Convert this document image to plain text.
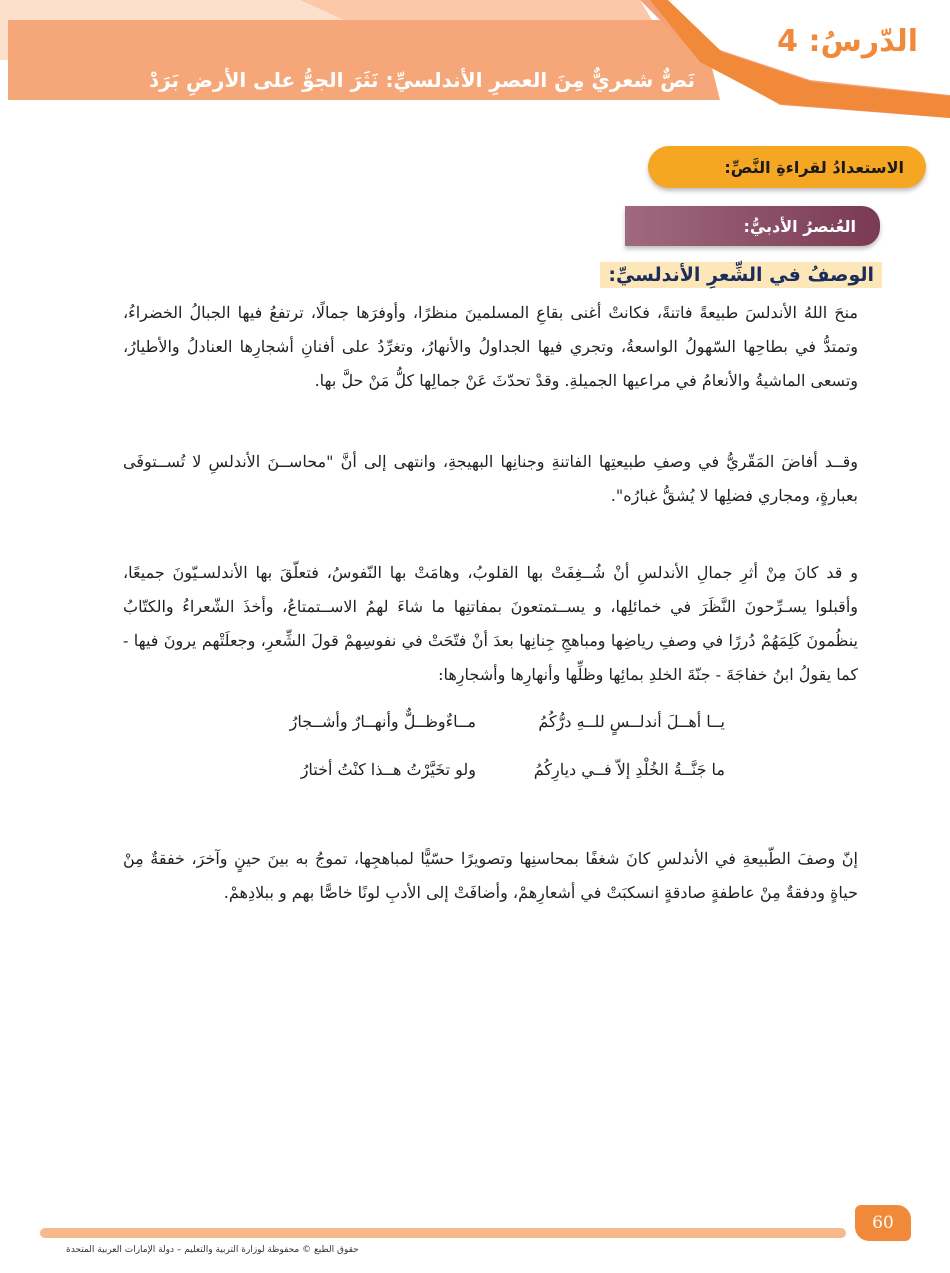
الدّرسُ: 4
نَصٌّ شعريٌّ مِنَ العصرِ الأندلسيِّ: نَثَرَ الجوُّ على الأرضِ بَرَدْ
الاستعدادُ لقراءةِ النَّصِّ:
العُنصرُ الأدبيُّ:
الوصفُ في الشِّعرِ الأندلسيِّ:

منحَ اللهُ الأندلسَ طبيعةً فاتنةً، فكانتْ أغنى بقاعِ المسلمينَ منظرًا، وأوفرَها جمالًا، ترتفعُ فيها الجبالُ الخضراءُ، وتمتدُّ في بطاحِها السّهولُ الواسعةُ، وتجري فيها الجداولُ والأنهارُ، وتغرِّدُ على أفنانِ أشجارِها العنادلُ والأطيارُ، وتسعى الماشيةُ والأنعامُ في مراعيها الجميلةِ. وقدْ تحدّثَ عَنْ جمالِها كلُّ مَنْ حلَّ بها.

وقــد أفاضَ المَقّريُّ في وصفِ طبيعتِها الفاتنةِ وجنانِها البهيجةِ، وانتهى إلى أنَّ "محاســنَ الأندلسِ لا تُســتوفَى بعبارةٍ، ومجاري فضلِها لا يُشقُّ غبارُه".

و قد كانَ مِنْ أثرِ جمالِ الأندلسِ أنْ شُــغِفَتْ بها القلوبُ، وهامَتْ بها النّفوسُ، فتعلّقَ بها الأندلسـيّونَ جميعًا، وأقبلوا يسـرِّحونَ النَّظَرَ في خمائلِها، و يســتمتعونَ بمفاتنِها ما شاءَ لهمُ الاســتمتاعُ، وأخذَ الشّعراءُ والكتّابُ ينظُمونَ كَلِمَهُمْ دُررًا في وصفِ رياضِها ومباهجِ جِنانِها بعدَ أنْ فتّحَتْ في نفوسِهمْ قولَ الشِّعرِ، وجعلَتْهم يرونَ فيها - كما يقولُ ابنُ خفاجَةَ - جنّةَ الخلدِ بمائِها وظلِّها وأنهارِها وأشجارِها:

يــا أهــلَ أندلــسٍ للــهِ درُّكُمُ
مــاءٌوظــلٌّ وأنهــارٌ وأشــجارُ
ما جَنَّــةُ الخُلْدِ إلاّ فــي ديارِكُمُ
ولو تخَيَّرْتُ هــذا كنْتُ أختارُ

إنّ وصفَ الطّبيعةِ في الأندلسِ كانَ شغفًا بمحاسنِها وتصويرًا حسّيًّا لمباهجِها، تموجُ به بينَ حينٍ وآخرَ، خفقةٌ مِنْ حياةٍ ودفقةٌ مِنْ عاطفةٍ صادقةٍ انسكبَتْ في أشعارِهمْ، وأضافَتْ إلى الأدبِ لونًا خاصًّا بهم و ببلادِهمْ.

60
حقوق الطبع © محفوظة لوزارة التربية والتعليم – دولة الإمارات العربية المتحدة
